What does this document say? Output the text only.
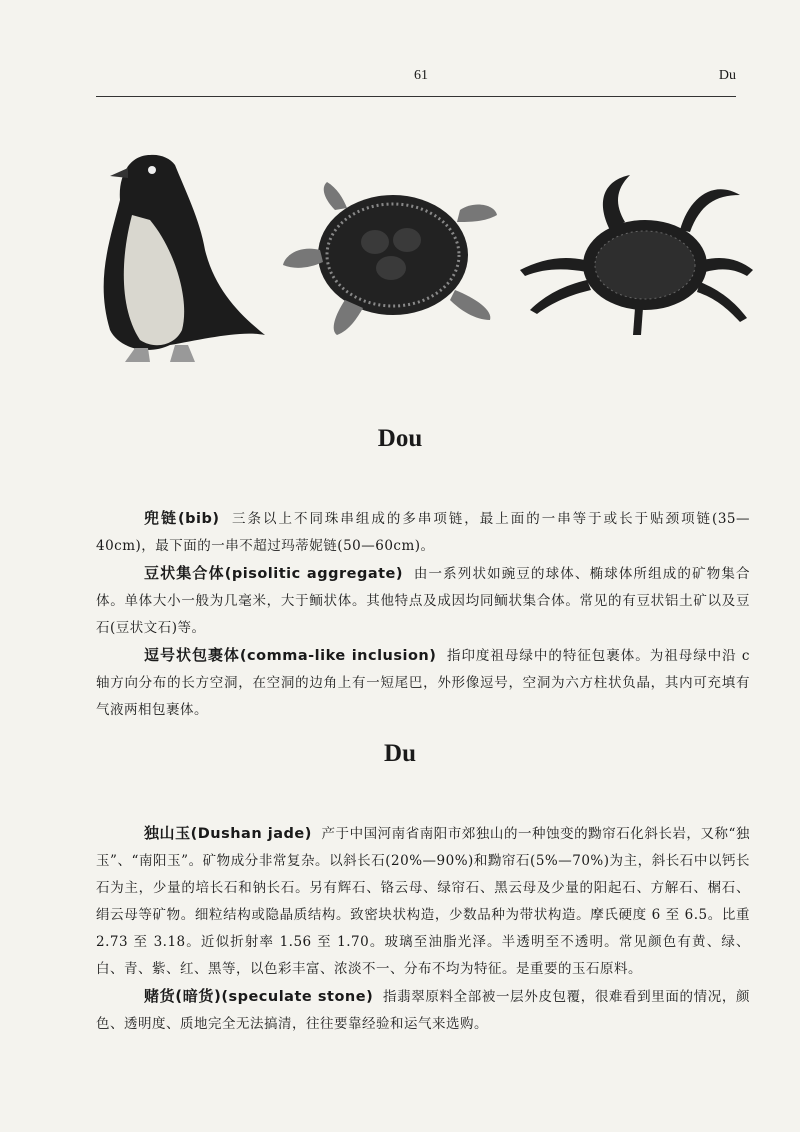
61	Du
Dou

兜链(bib) 三条以上不同珠串组成的多串项链，最上面的一串等于或长于贴颈项链(35—40cm)，最下面的一串不超过玛蒂妮链(50—60cm)。

豆状集合体(pisolitic aggregate) 由一系列状如豌豆的球体、椭球体所组成的矿物集合体。单体大小一般为几毫米，大于鲕状体。其他特点及成因均同鲕状集合体。常见的有豆状铝土矿以及豆石(豆状文石)等。

逗号状包裹体(comma-like inclusion) 指印度祖母绿中的特征包裹体。为祖母绿中沿 c 轴方向分布的长方空洞，在空洞的边角上有一短尾巴，外形像逗号，空洞为六方柱状负晶，其内可充填有气液两相包裹体。

Du

独山玉(Dushan jade) 产于中国河南省南阳市郊独山的一种蚀变的黝帘石化斜长岩，又称“独玉”、“南阳玉”。矿物成分非常复杂。以斜长石(20%—90%)和黝帘石(5%—70%)为主，斜长石中以钙长石为主，少量的培长石和钠长石。另有辉石、铬云母、绿帘石、黑云母及少量的阳起石、方解石、榍石、绢云母等矿物。细粒结构或隐晶质结构。致密块状构造，少数品种为带状构造。摩氏硬度 6 至 6.5。比重 2.73 至 3.18。近似折射率 1.56 至 1.70。玻璃至油脂光泽。半透明至不透明。常见颜色有黄、绿、白、青、紫、红、黑等，以色彩丰富、浓淡不一、分布不均为特征。是重要的玉石原料。

赌货(暗货)(speculate stone) 指翡翠原料全部被一层外皮包覆，很难看到里面的情况，颜色、透明度、质地完全无法搞清，往往要靠经验和运气来选购。
